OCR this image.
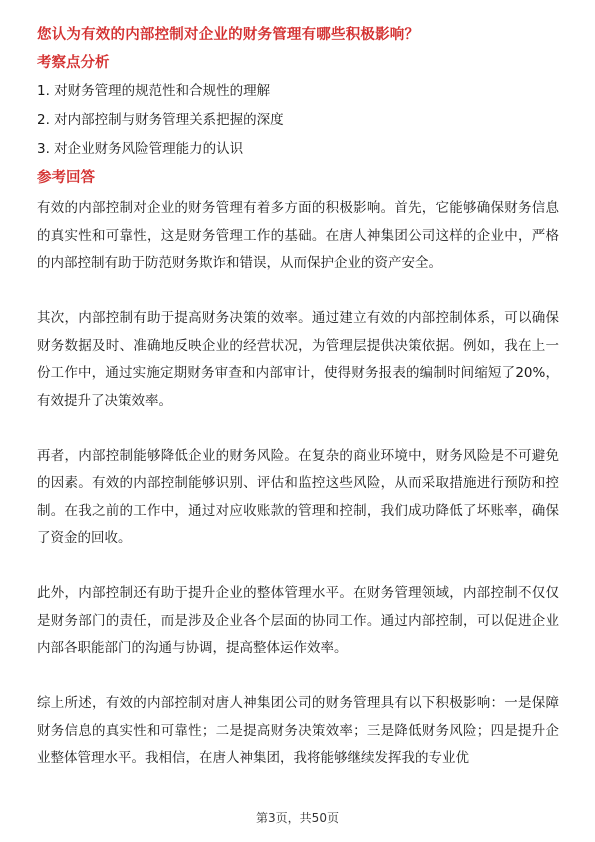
您认为有效的内部控制对企业的财务管理有哪些积极影响？
考察点分析
1. 对财务管理的规范性和合规性的理解
2. 对内部控制与财务管理关系把握的深度
3. 对企业财务风险管理能力的认识
参考回答

有效的内部控制对企业的财务管理有着多方面的积极影响。首先，它能够确保财务信息的真实性和可靠性，这是财务管理工作的基础。在唐人神集团公司这样的企业中，严格的内部控制有助于防范财务欺诈和错误，从而保护企业的资产安全。

其次，内部控制有助于提高财务决策的效率。通过建立有效的内部控制体系，可以确保财务数据及时、准确地反映企业的经营状况，为管理层提供决策依据。例如，我在上一份工作中，通过实施定期财务审查和内部审计，使得财务报表的编制时间缩短了20%，有效提升了决策效率。

再者，内部控制能够降低企业的财务风险。在复杂的商业环境中，财务风险是不可避免的因素。有效的内部控制能够识别、评估和监控这些风险，从而采取措施进行预防和控制。在我之前的工作中，通过对应收账款的管理和控制，我们成功降低了坏账率，确保了资金的回收。

此外，内部控制还有助于提升企业的整体管理水平。在财务管理领域，内部控制不仅仅是财务部门的责任，而是涉及企业各个层面的协同工作。通过内部控制，可以促进企业内部各职能部门的沟通与协调，提高整体运作效率。

综上所述，有效的内部控制对唐人神集团公司的财务管理具有以下积极影响：一是保障财务信息的真实性和可靠性；二是提高财务决策效率；三是降低财务风险；四是提升企业整体管理水平。我相信，在唐人神集团，我将能够继续发挥我的专业优

第3页，共50页
